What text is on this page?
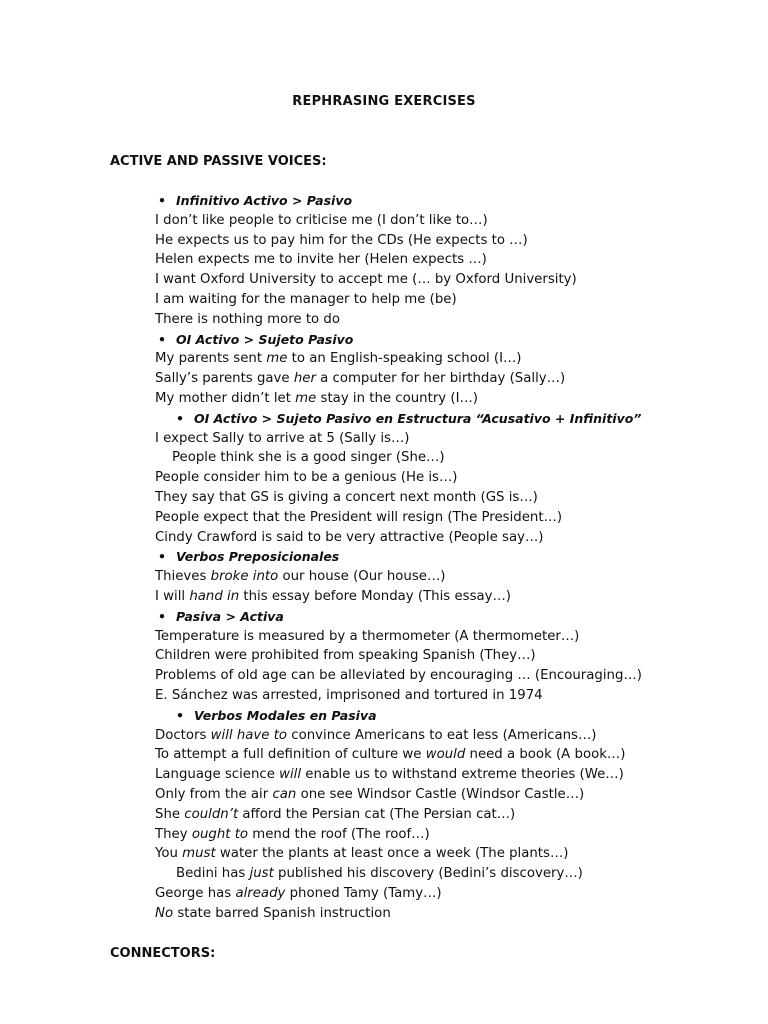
REPHRASING EXERCISES
ACTIVE AND PASSIVE VOICES:
• Infinitivo Activo > Pasivo
I don’t like people to criticise me (I don’t like to…)
He expects us to pay him for the CDs (He expects to …)
Helen expects me to invite her (Helen expects …)
I want Oxford University to accept me (… by Oxford University)
I am waiting for the manager to help me (be)
There is nothing more to do
• OI Activo > Sujeto Pasivo
My parents sent me to an English-speaking school (I…)
Sally’s parents gave her a computer for her birthday (Sally…)
My mother didn’t let me stay in the country (I…)
• OI Activo > Sujeto Pasivo en Estructura “Acusativo + Infinitivo”
I expect Sally to arrive at 5 (Sally is…)
People think she is a good singer (She…)
People consider him to be a genious (He is…)
They say that GS is giving a concert next month (GS is…)
People expect that the President will resign (The President…)
Cindy Crawford is said to be very attractive (People say…)
• Verbos Preposicionales
Thieves broke into our house (Our house…)
I will hand in this essay before Monday (This essay…)
• Pasiva > Activa
Temperature is measured by a thermometer (A thermometer…)
Children were prohibited from speaking Spanish (They…)
Problems of old age can be alleviated by encouraging … (Encouraging…)
E. Sánchez was arrested, imprisoned and tortured in 1974
• Verbos Modales en Pasiva
Doctors will have to convince Americans to eat less (Americans…)
To attempt a full definition of culture we would need a book (A book…)
Language science will enable us to withstand extreme theories (We…)
Only from the air can one see Windsor Castle (Windsor Castle…)
She couldn’t afford the Persian cat (The Persian cat…)
They ought to mend the roof (The roof…)
You must water the plants at least once a week (The plants…)
Bedini has just published his discovery (Bedini’s discovery…)
George has already phoned Tamy (Tamy…)
No state barred Spanish instruction
CONNECTORS:
